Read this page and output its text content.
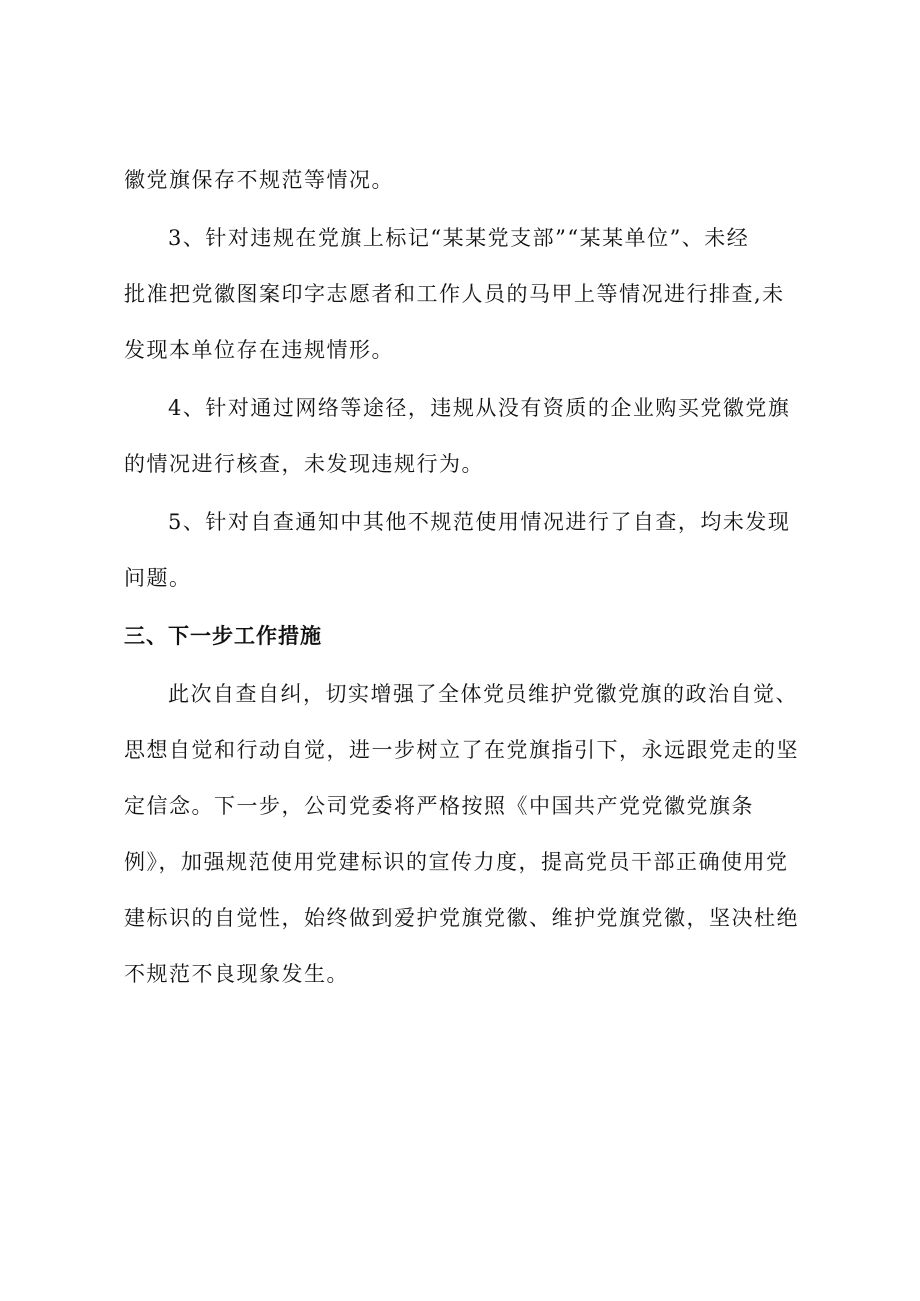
徽党旗保存不规范等情况。

3、针对违规在党旗上标记“某某党支部”“某某单位”、未经
批准把党徽图案印字志愿者和工作人员的马甲上等情况进行排查,未
发现本单位存在违规情形。

4、针对通过网络等途径，违规从没有资质的企业购买党徽党旗
的情况进行核查，未发现违规行为。

5、针对自查通知中其他不规范使用情况进行了自查，均未发现
问题。

三、下一步工作措施

此次自查自纠，切实增强了全体党员维护党徽党旗的政治自觉、
思想自觉和行动自觉，进一步树立了在党旗指引下，永远跟党走的坚
定信念。下一步，公司党委将严格按照《中国共产党党徽党旗条
例》，加强规范使用党建标识的宣传力度，提高党员干部正确使用党
建标识的自觉性，始终做到爱护党旗党徽、维护党旗党徽，坚决杜绝
不规范不良现象发生。
